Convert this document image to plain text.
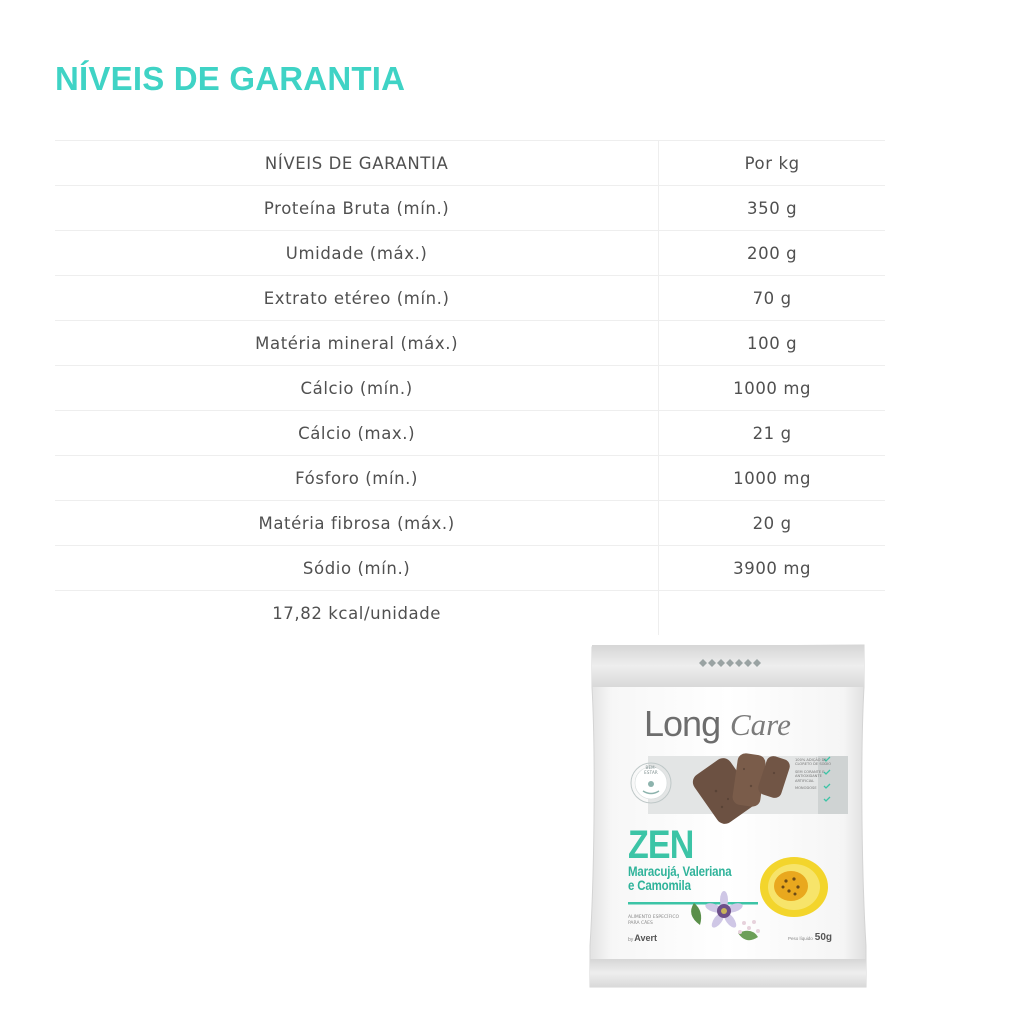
NÍVEIS DE GARANTIA
NÍVEIS DE GARANTIA	Por kg
Proteína Bruta (mín.)	350 g
Umidade (máx.)	200 g
Extrato etéreo (mín.)	70 g
Matéria mineral (máx.)	100 g
Cálcio (mín.)	1000 mg
Cálcio (max.)	21 g
Fósforo (mín.)	1000 mg
Matéria fibrosa (máx.)	20 g
Sódio (mín.)	3900 mg
17,82 kcal/unidade	
Long Care
BEM-ESTAR
100% ADIÇÃO DE CLORETO DE SÓDIO
SEM CORANTE E ANTIOXIDANTE ARTIFICIAL
MONODOSE
ZEN
Maracujá, Valeriana
e Camomila
ALIMENTO ESPECÍFICO PARA CÃES
byAvert	Peso líquido 50g
